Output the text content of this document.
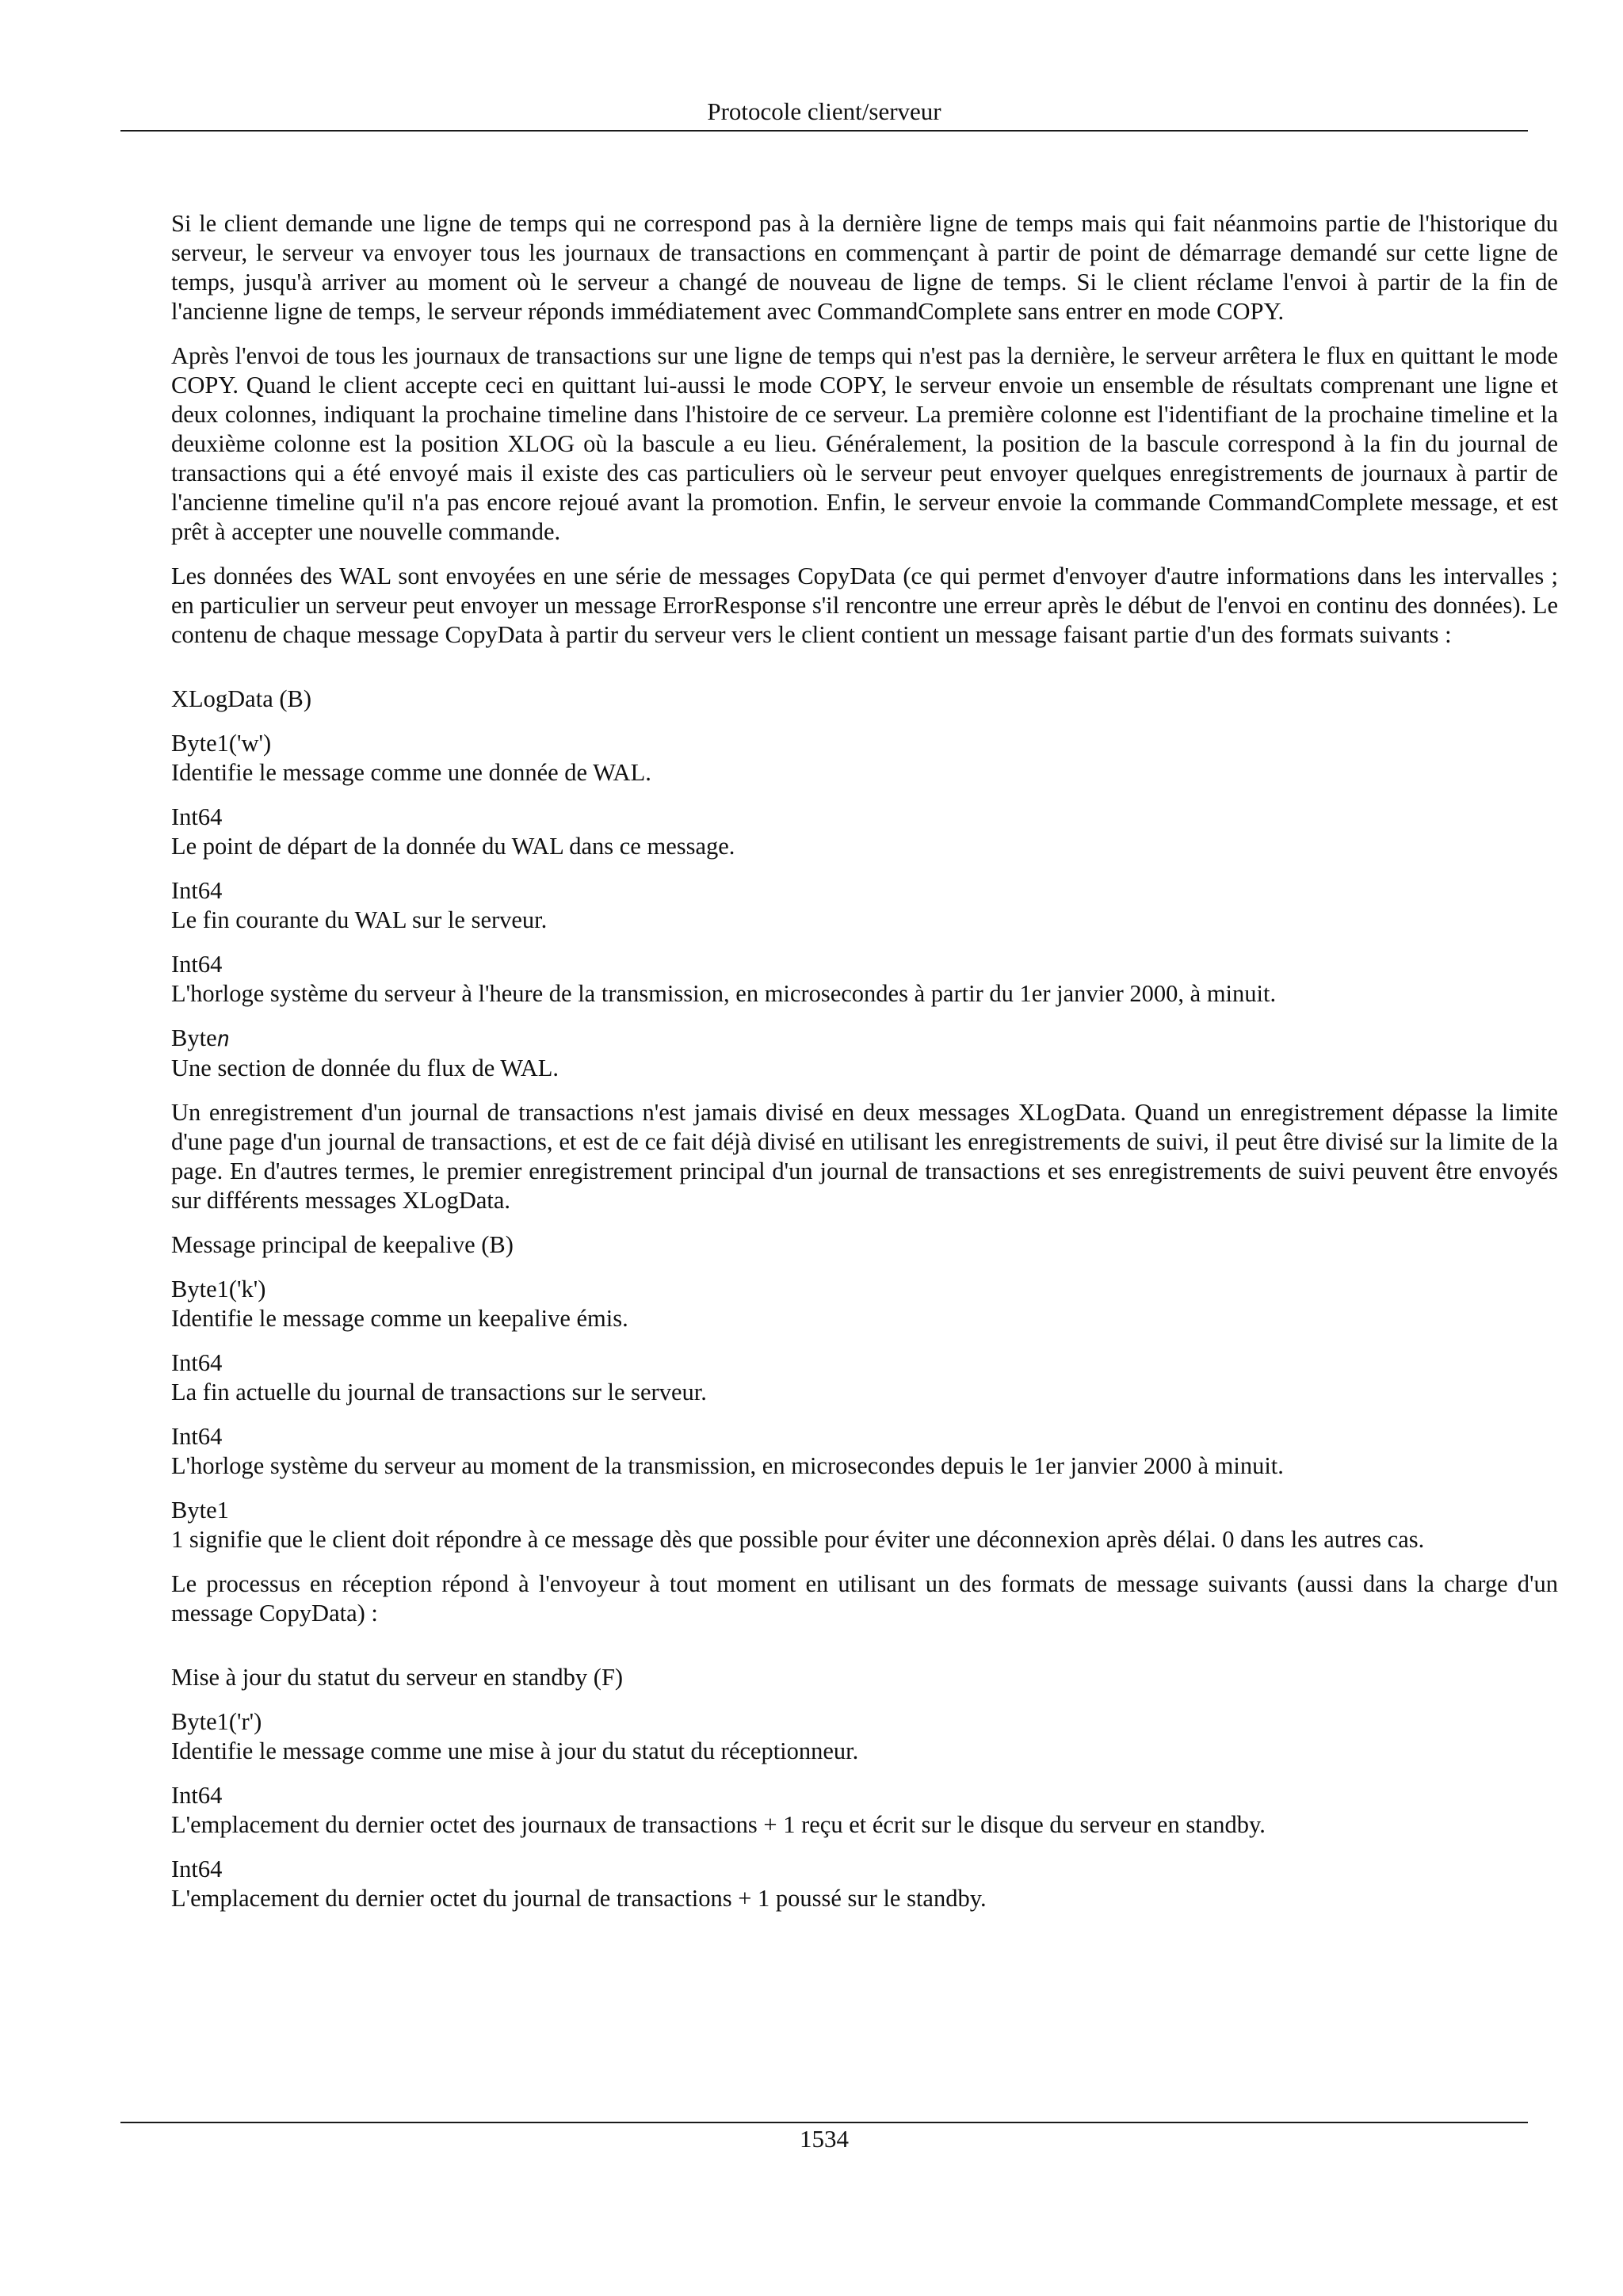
Protocole client/serveur

Si le client demande une ligne de temps qui ne correspond pas à la dernière ligne de temps mais qui fait néanmoins partie de l'historique du serveur, le serveur va envoyer tous les journaux de transactions en commençant à partir de point de démarrage demandé sur cette ligne de temps, jusqu'à arriver au moment où le serveur a changé de nouveau de ligne de temps. Si le client réclame l'envoi à partir de la fin de l'ancienne ligne de temps, le serveur réponds immédiatement avec CommandComplete sans entrer en mode COPY.

Après l'envoi de tous les journaux de transactions sur une ligne de temps qui n'est pas la dernière, le serveur arrêtera le flux en quittant le mode COPY. Quand le client accepte ceci en quittant lui-aussi le mode COPY, le serveur envoie un ensemble de résultats comprenant une ligne et deux colonnes, indiquant la prochaine timeline dans l'histoire de ce serveur. La première colonne est l'identifiant de la prochaine timeline et la deuxième colonne est la position XLOG où la bascule a eu lieu. Généralement, la position de la bascule correspond à la fin du journal de transactions qui a été envoyé mais il existe des cas particuliers où le serveur peut envoyer quelques enregistrements de journaux à partir de l'ancienne timeline qu'il n'a pas encore rejoué avant la promotion. Enfin, le serveur envoie la commande CommandComplete message, et est prêt à accepter une nouvelle commande.

Les données des WAL sont envoyées en une série de messages CopyData (ce qui permet d'envoyer d'autre informations dans les intervalles ; en particulier un serveur peut envoyer un message ErrorResponse s'il rencontre une erreur après le début de l'envoi en continu des données). Le contenu de chaque message CopyData à partir du serveur vers le client contient un message faisant partie d'un des formats suivants :

XLogData (B)

Byte1('w')
Identifie le message comme une donnée de WAL.
Int64
Le point de départ de la donnée du WAL dans ce message.
Int64
Le fin courante du WAL sur le serveur.
Int64
L'horloge système du serveur à l'heure de la transmission, en microsecondes à partir du 1er janvier 2000, à minuit.
Byten
Une section de donnée du flux de WAL.

Un enregistrement d'un journal de transactions n'est jamais divisé en deux messages XLogData. Quand un enregistrement dépasse la limite d'une page d'un journal de transactions, et est de ce fait déjà divisé en utilisant les enregistrements de suivi, il peut être divisé sur la limite de la page. En d'autres termes, le premier enregistrement principal d'un journal de transactions et ses enregistrements de suivi peuvent être envoyés sur différents messages XLogData.

Message principal de keepalive (B)

Byte1('k')
Identifie le message comme un keepalive émis.
Int64
La fin actuelle du journal de transactions sur le serveur.
Int64
L'horloge système du serveur au moment de la transmission, en microsecondes depuis le 1er janvier 2000 à minuit.
Byte1
1 signifie que le client doit répondre à ce message dès que possible pour éviter une déconnexion après délai. 0 dans les autres cas.

Le processus en réception répond à l'envoyeur à tout moment en utilisant un des formats de message suivants (aussi dans la charge d'un message CopyData) :

Mise à jour du statut du serveur en standby (F)

Byte1('r')
Identifie le message comme une mise à jour du statut du réceptionneur.
Int64
L'emplacement du dernier octet des journaux de transactions + 1 reçu et écrit sur le disque du serveur en standby.
Int64
L'emplacement du dernier octet du journal de transactions + 1 poussé sur le standby.
1534
